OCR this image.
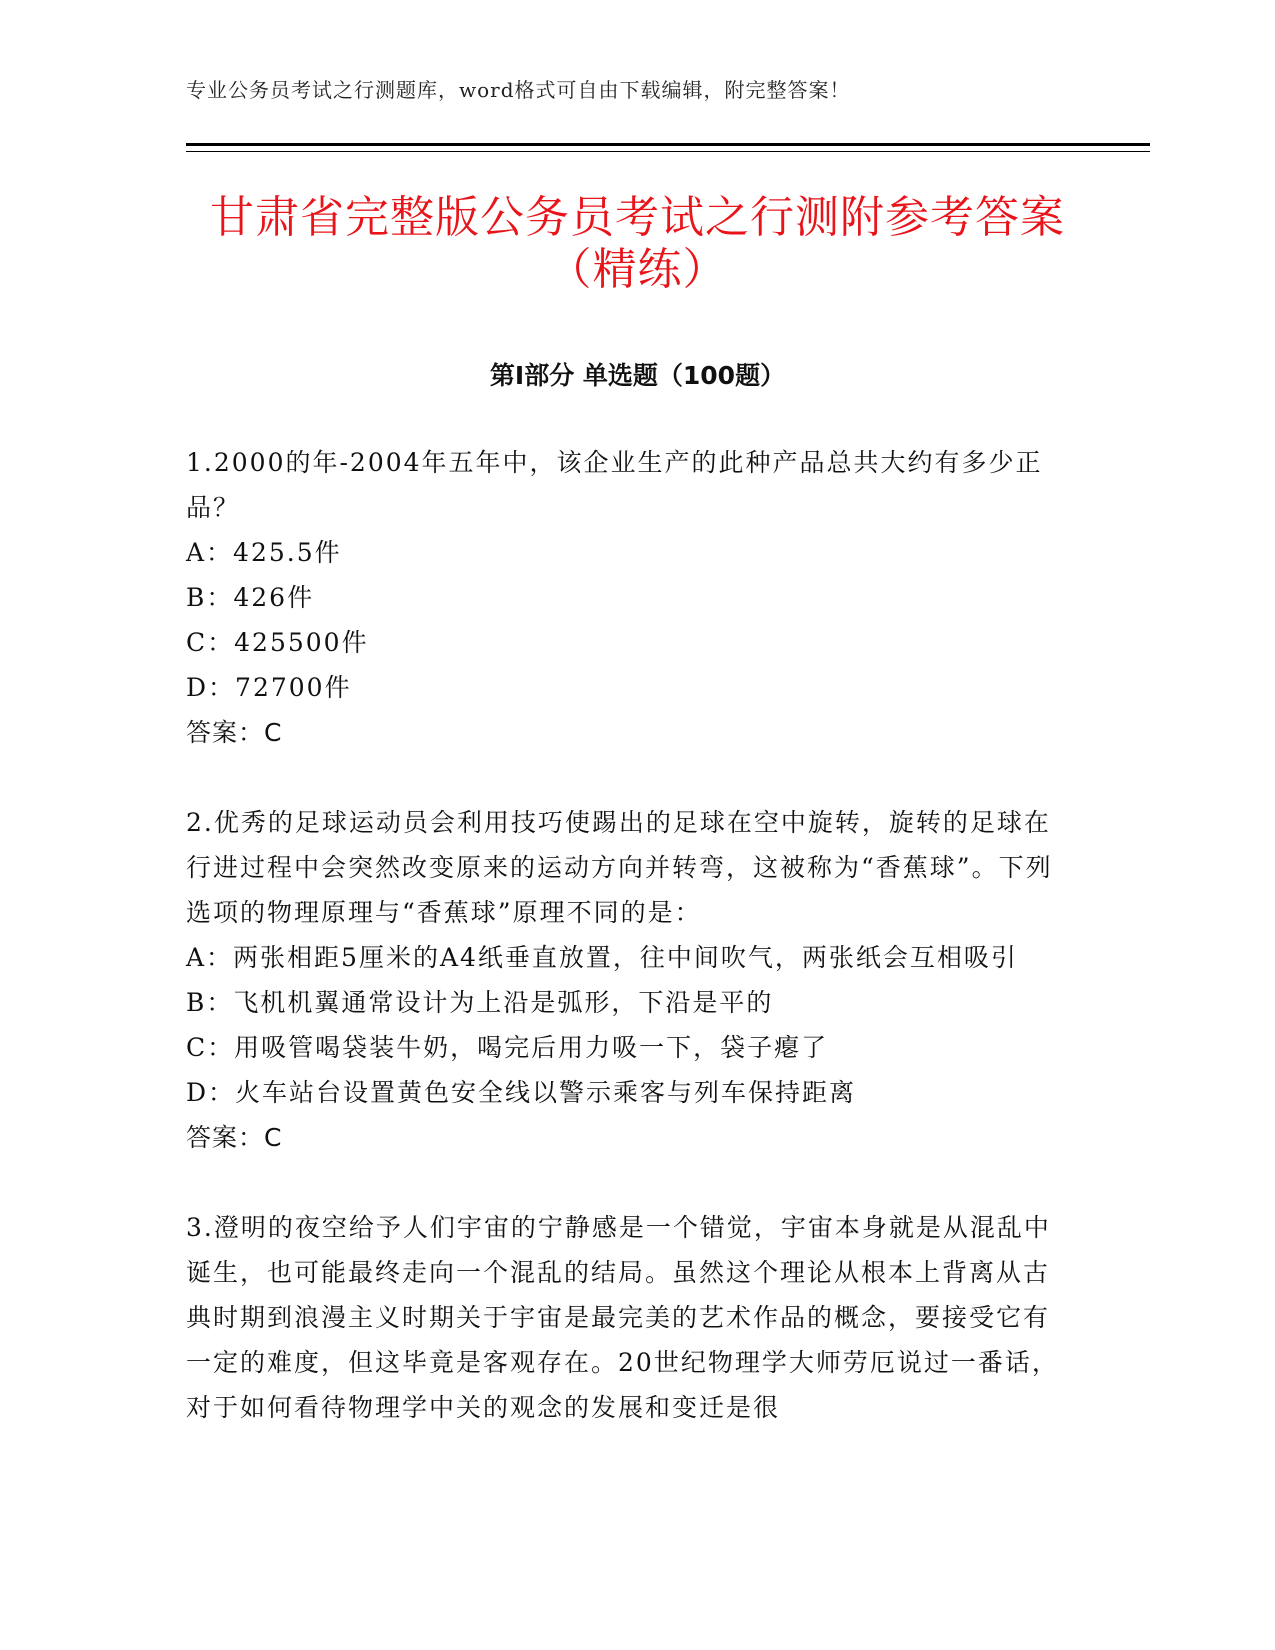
专业公务员考试之行测题库，word格式可自由下载编辑，附完整答案！
甘肃省完整版公务员考试之行测附参考答案
（精练）
第Ⅰ部分 单选题（100题）

1.2000的年-2004年五年中，该企业生产的此种产品总共大约有多少正品？

A：425.5件

B：426件

C：425500件

D：72700件

答案：C

2.优秀的足球运动员会利用技巧使踢出的足球在空中旋转，旋转的足球在行进过程中会突然改变原来的运动方向并转弯，这被称为“香蕉球”。下列选项的物理原理与“香蕉球”原理不同的是：

A：两张相距5厘米的A4纸垂直放置，往中间吹气，两张纸会互相吸引

B：飞机机翼通常设计为上沿是弧形，下沿是平的

C：用吸管喝袋装牛奶，喝完后用力吸一下，袋子瘪了

D：火车站台设置黄色安全线以警示乘客与列车保持距离

答案：C

3.澄明的夜空给予人们宇宙的宁静感是一个错觉，宇宙本身就是从混乱中诞生，也可能最终走向一个混乱的结局。虽然这个理论从根本上背离从古典时期到浪漫主义时期关于宇宙是最完美的艺术作品的概念，要接受它有一定的难度，但这毕竟是客观存在。20世纪物理学大师劳厄说过一番话，对于如何看待物理学中关的观念的发展和变迁是很
